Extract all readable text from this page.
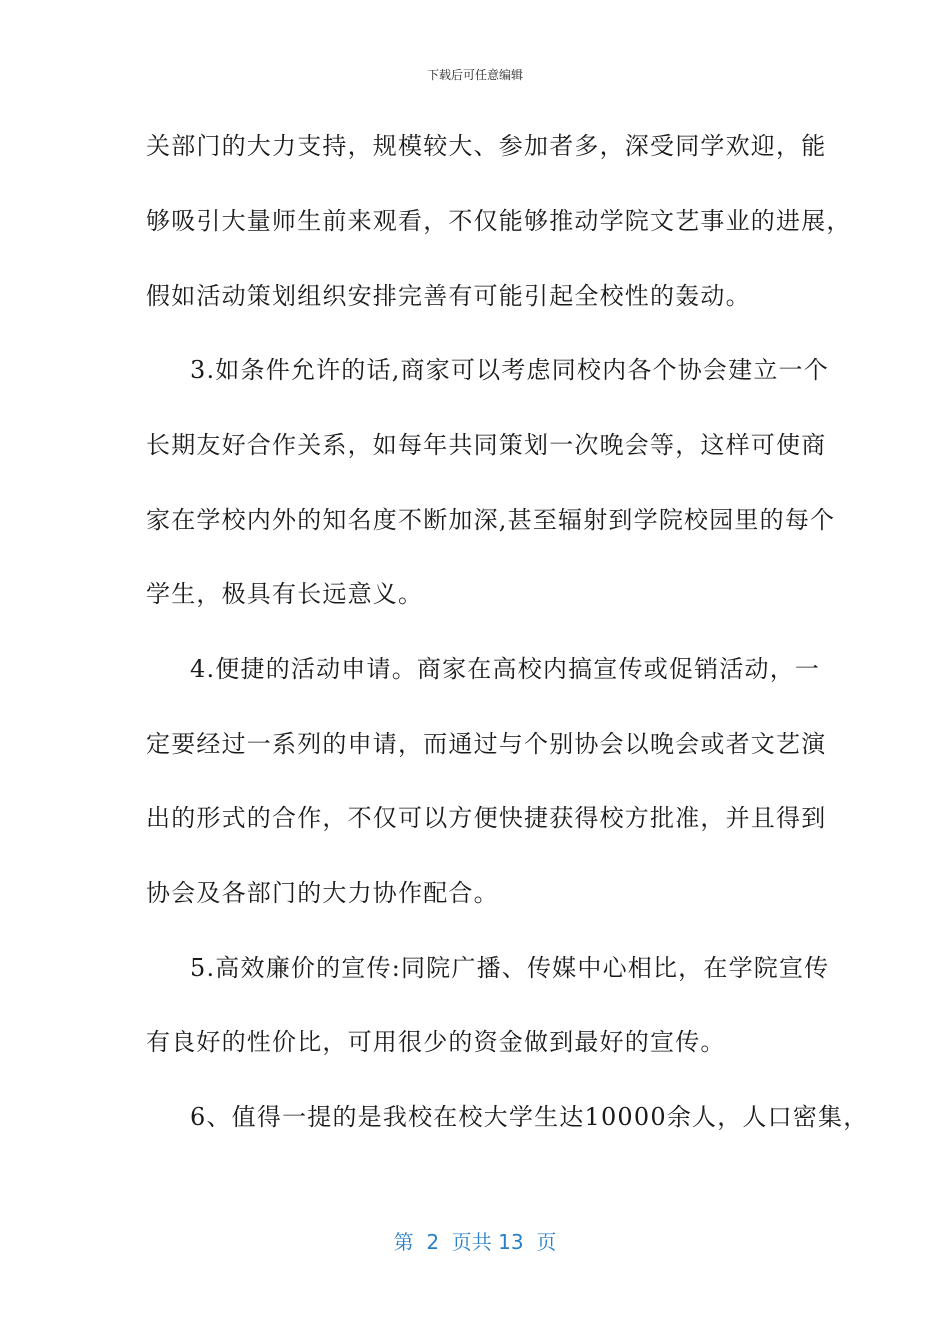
下载后可任意编辑
关部门的大力支持，规模较大、参加者多，深受同学欢迎，能
够吸引大量师生前来观看，不仅能够推动学院文艺事业的进展，
假如活动策划组织安排完善有可能引起全校性的轰动。
3.如条件允许的话,商家可以考虑同校内各个协会建立一个
长期友好合作关系，如每年共同策划一次晚会等，这样可使商
家在学校内外的知名度不断加深,甚至辐射到学院校园里的每个
学生，极具有长远意义。
4.便捷的活动申请。商家在高校内搞宣传或促销活动，一
定要经过一系列的申请，而通过与个别协会以晚会或者文艺演
出的形式的合作，不仅可以方便快捷获得校方批准，并且得到
协会及各部门的大力协作配合。
5.高效廉价的宣传:同院广播、传媒中心相比，在学院宣传
有良好的性价比，可用很少的资金做到最好的宣传。
6、值得一提的是我校在校大学生达10000余人，人口密集，
第  2  页共 13  页
